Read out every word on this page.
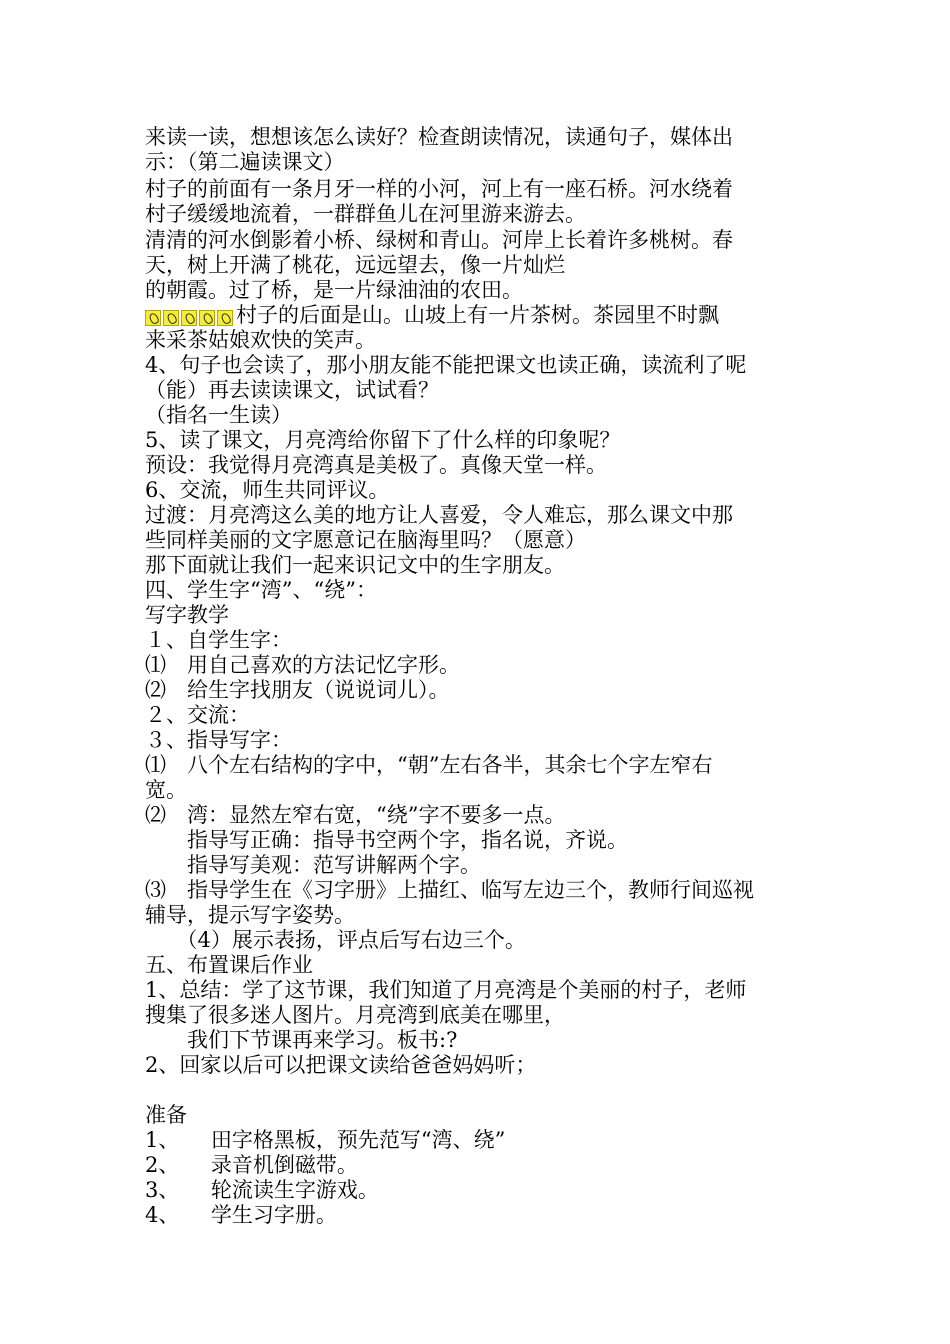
来读一读，想想该怎么读好？检查朗读情况，读通句子，媒体出
示：（第二遍读课文）
村子的前面有一条月牙一样的小河，河上有一座石桥。河水绕着
村子缓缓地流着，一群群鱼儿在河里游来游去。
清清的河水倒影着小桥、绿树和青山。河岸上长着许多桃树。春
天，树上开满了桃花，远远望去，像一片灿烂
的朝霞。过了桥，是一片绿油油的农田。
村子的后面是山。山坡上有一片茶树。茶园里不时飘
来采茶姑娘欢快的笑声。
4、句子也会读了，那小朋友能不能把课文也读正确，读流利了呢
（能）再去读读课文，试试看？
（指名一生读）
5、读了课文，月亮湾给你留下了什么样的印象呢？
预设：我觉得月亮湾真是美极了。真像天堂一样。
6、交流，师生共同评议。
过渡：月亮湾这么美的地方让人喜爱，令人难忘，那么课文中那
些同样美丽的文字愿意记在脑海里吗？（愿意）
那下面就让我们一起来识记文中的生字朋友。
四、学生字“湾”、“绕”：
写字教学
１、自学生字：
⑴　用自己喜欢的方法记忆字形。
⑵　给生字找朋友（说说词儿）。
２、交流：
３、指导写字：
⑴　八个左右结构的字中，“朝”左右各半，其余七个字左窄右
宽。
⑵　湾：显然左窄右宽，“绕”字不要多一点。
　　指导写正确：指导书空两个字，指名说，齐说。
　　指导写美观：范写讲解两个字。
⑶　指导学生在《习字册》上描红、临写左边三个，教师行间巡视
辅导，提示写字姿势。
　　（4）展示表扬，评点后写右边三个。
五、布置课后作业
1、总结：学了这节课，我们知道了月亮湾是个美丽的村子，老师
搜集了很多迷人图片。月亮湾到底美在哪里，
　　我们下节课再来学习。板书:?
2、回家以后可以把课文读给爸爸妈妈听；
准备
1、　　田字格黑板，预先范写“湾、绕”
2、　　录音机倒磁带。
3、　　轮流读生字游戏。
4、　　学生习字册。
